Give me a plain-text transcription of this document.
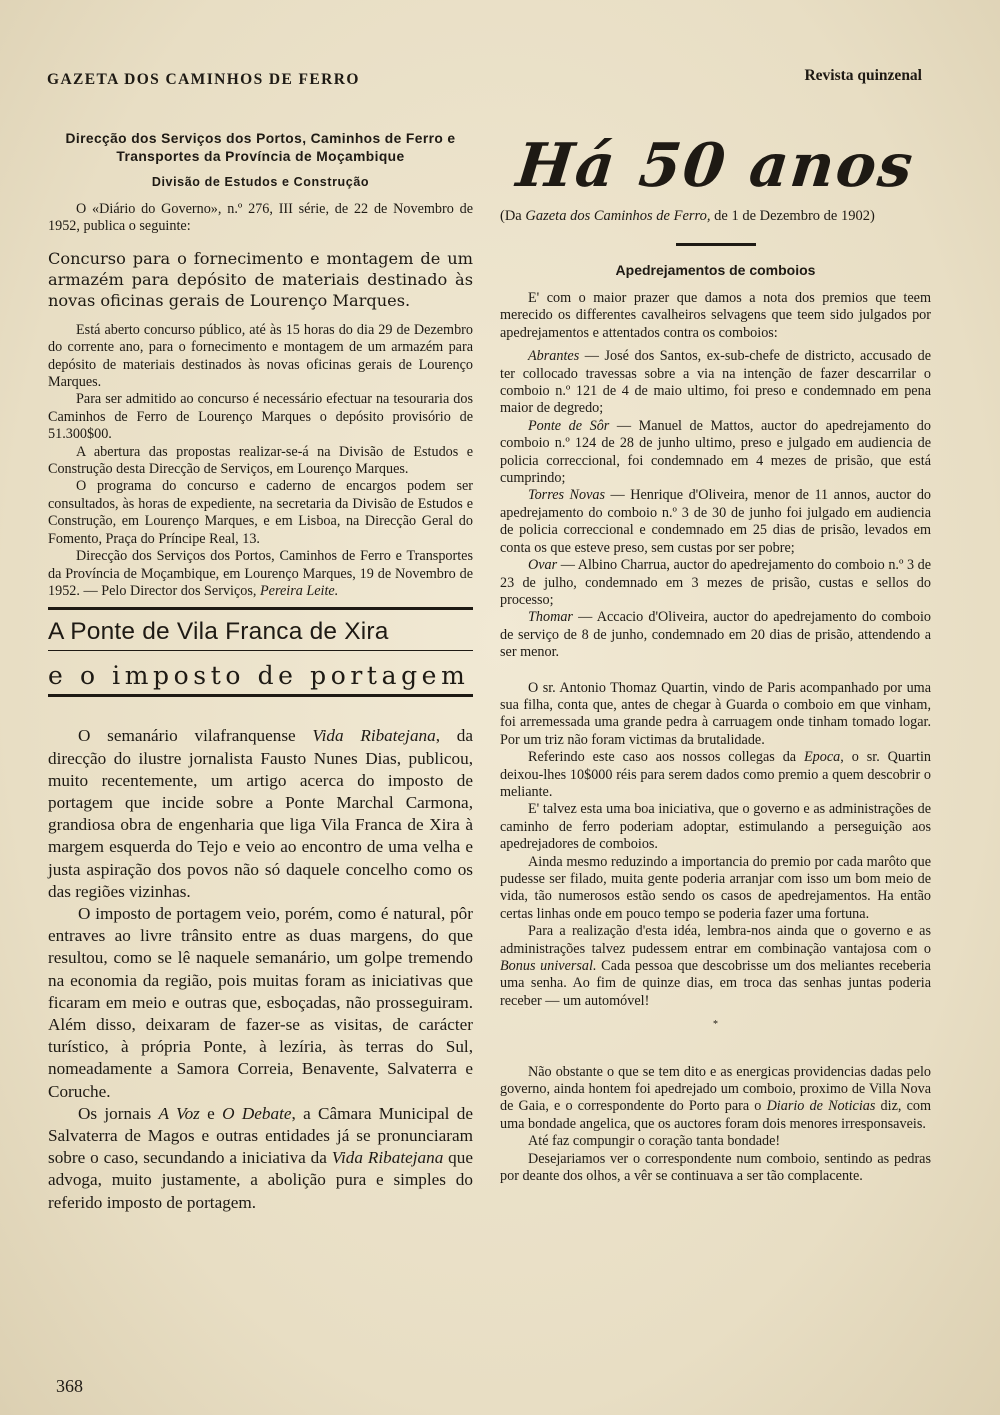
GAZETA DOS CAMINHOS DE FERRO	Revista quinzenal
Direcção dos Serviços dos Portos, Caminhos de Ferro e Transportes da Província de Moçambique
Divisão de Estudos e Construção

O «Diário do Governo», n.º 276, III série, de 22 de Novembro de 1952, publica o seguinte:

Concurso para o fornecimento e montagem de um armazém para depósito de materiais destinado às novas oficinas gerais de Lourenço Marques.

Está aberto concurso público, até às 15 horas do dia 29 de Dezembro do corrente ano, para o fornecimento e montagem de um armazém para depósito de materiais destinados às novas oficinas gerais de Lourenço Marques.

Para ser admitido ao concurso é necessário efectuar na tesouraria dos Caminhos de Ferro de Lourenço Marques o depósito provisório de 51.300$00.

A abertura das propostas realizar-se-á na Divisão de Estudos e Construção desta Direcção de Serviços, em Lourenço Marques.

O programa do concurso e caderno de encargos podem ser consultados, às horas de expediente, na secretaria da Divisão de Estudos e Construção, em Lourenço Marques, e em Lisboa, na Direcção Geral do Fomento, Praça do Príncipe Real, 13.

Direcção dos Serviços dos Portos, Caminhos de Ferro e Transportes da Província de Moçambique, em Lourenço Marques, 19 de Novembro de 1952. — Pelo Director dos Serviços, Pereira Leite.

A Ponte de Vila Franca de Xira
e o imposto de portagem

O semanário vilafranquense Vida Ribatejana, da direcção do ilustre jornalista Fausto Nunes Dias, publicou, muito recentemente, um artigo acerca do imposto de portagem que incide sobre a Ponte Marchal Carmona, grandiosa obra de engenharia que liga Vila Franca de Xira à margem esquerda do Tejo e veio ao encontro de uma velha e justa aspiração dos povos não só daquele concelho como os das regiões vizinhas.

O imposto de portagem veio, porém, como é natural, pôr entraves ao livre trânsito entre as duas margens, do que resultou, como se lê naquele semanário, um golpe tremendo na economia da região, pois muitas foram as iniciativas que ficaram em meio e outras que, esboçadas, não prosseguiram. Além disso, deixaram de fazer-se as visitas, de carácter turístico, à própria Ponte, à lezíria, às terras do Sul, nomeadamente a Samora Correia, Benavente, Salvaterra e Coruche.

Os jornais A Voz e O Debate, a Câmara Municipal de Salvaterra de Magos e outras entidades já se pronunciaram sobre o caso, secundando a iniciativa da Vida Ribatejana que advoga, muito justamente, a abolição pura e simples do referido imposto de portagem.

Há 50 anos
(Da Gazeta dos Caminhos de Ferro, de 1 de Dezembro de 1902)
Apedrejamentos de comboios

E' com o maior prazer que damos a nota dos premios que teem merecido os differentes cavalheiros selvagens que teem sido julgados por apedrejamentos e attentados contra os comboios:

Abrantes — José dos Santos, ex-sub-chefe de districto, accusado de ter collocado travessas sobre a via na intenção de fazer descarrilar o comboio n.º 121 de 4 de maio ultimo, foi preso e condemnado em pena maior de degredo;

Ponte de Sôr — Manuel de Mattos, auctor do apedrejamento do comboio n.º 124 de 28 de junho ultimo, preso e julgado em audiencia de policia correccional, foi condemnado em 4 mezes de prisão, que está cumprindo;

Torres Novas — Henrique d'Oliveira, menor de 11 annos, auctor do apedrejamento do comboio n.º 3 de 30 de junho foi julgado em audiencia de policia correccional e condemnado em 25 dias de prisão, levados em conta os que esteve preso, sem custas por ser pobre;

Ovar — Albino Charrua, auctor do apedrejamento do comboio n.º 3 de 23 de julho, condemnado em 3 mezes de prisão, custas e sellos do processo;

Thomar — Accacio d'Oliveira, auctor do apedrejamento do comboio de serviço de 8 de junho, condemnado em 20 dias de prisão, attendendo a ser menor.

O sr. Antonio Thomaz Quartin, vindo de Paris acompanhado por uma sua filha, conta que, antes de chegar à Guarda o comboio em que vinham, foi arremessada uma grande pedra à carruagem onde tinham tomado logar. Por um triz não foram victimas da brutalidade.

Referindo este caso aos nossos collegas da Epoca, o sr. Quartin deixou-lhes 10$000 réis para serem dados como premio a quem descobrir o meliante.

E' talvez esta uma boa iniciativa, que o governo e as administrações de caminho de ferro poderiam adoptar, estimulando a perseguição aos apedrejadores de comboios.

Ainda mesmo reduzindo a importancia do premio por cada marôto que pudesse ser filado, muita gente poderia arranjar com isso um bom meio de vida, tão numerosos estão sendo os casos de apedrejamentos. Ha então certas linhas onde em pouco tempo se poderia fazer uma fortuna.

Para a realização d'esta idéa, lembra-nos ainda que o governo e as administrações talvez pudessem entrar em combinação vantajosa com o Bonus universal. Cada pessoa que descobrisse um dos meliantes receberia uma senha. Ao fim de quinze dias, em troca das senhas juntas poderia receber — um automóvel!

*

Não obstante o que se tem dito e as energicas providencias dadas pelo governo, ainda hontem foi apedrejado um comboio, proximo de Villa Nova de Gaia, e o correspondente do Porto para o Diario de Noticias diz, com uma bondade angelica, que os auctores foram dois menores irresponsaveis.

Até faz compungir o coração tanta bondade!

Desejariamos ver o correspondente num comboio, sentindo as pedras por deante dos olhos, a vêr se continuava a ser tão complacente.

368
